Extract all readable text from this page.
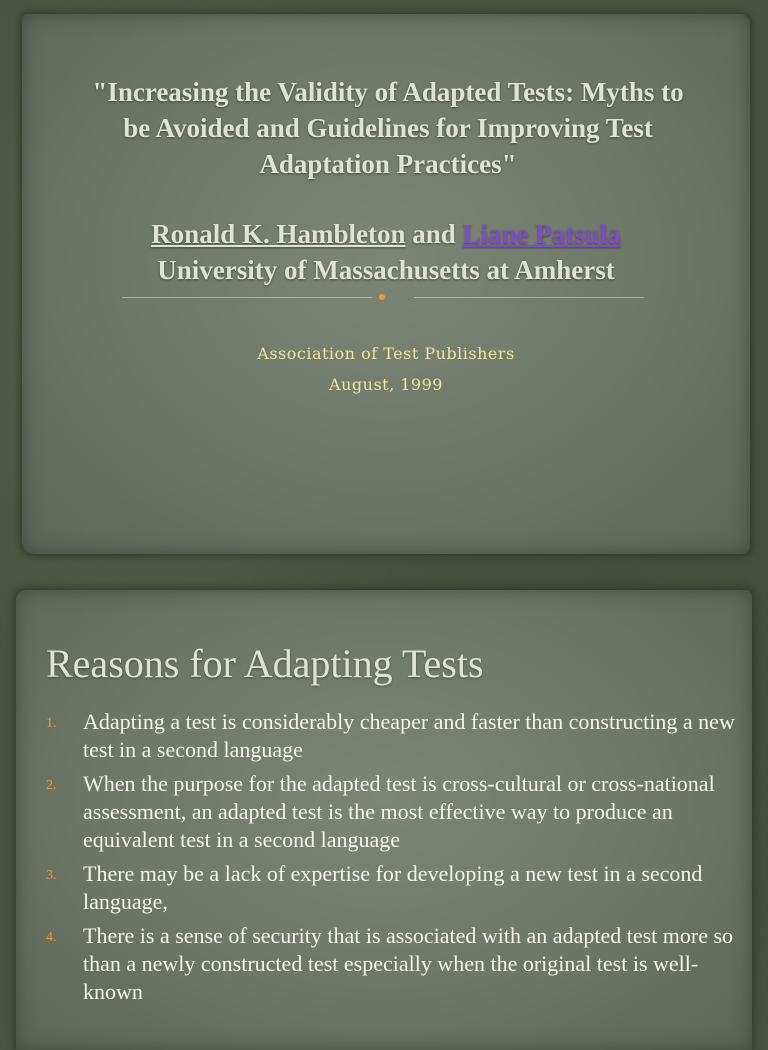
"Increasing the Validity of Adapted Tests: Myths to
be Avoided and Guidelines for Improving Test
Adaptation Practices"
Ronald K. Hambleton and Liane Patsula
University of Massachusetts at Amherst
Association of Test Publishers
August, 1999
Reasons for Adapting Tests
1. Adapting a test is considerably cheaper and faster than constructing a new test in a second language
2. When the purpose for the adapted test is cross-cultural or cross-national assessment, an adapted test is the most effective way to produce an equivalent test in a second language
3. There may be a lack of expertise for developing a new test in a second language,
4. There is a sense of security that is associated with an adapted test more so than a newly constructed test especially when the original test is well-known
